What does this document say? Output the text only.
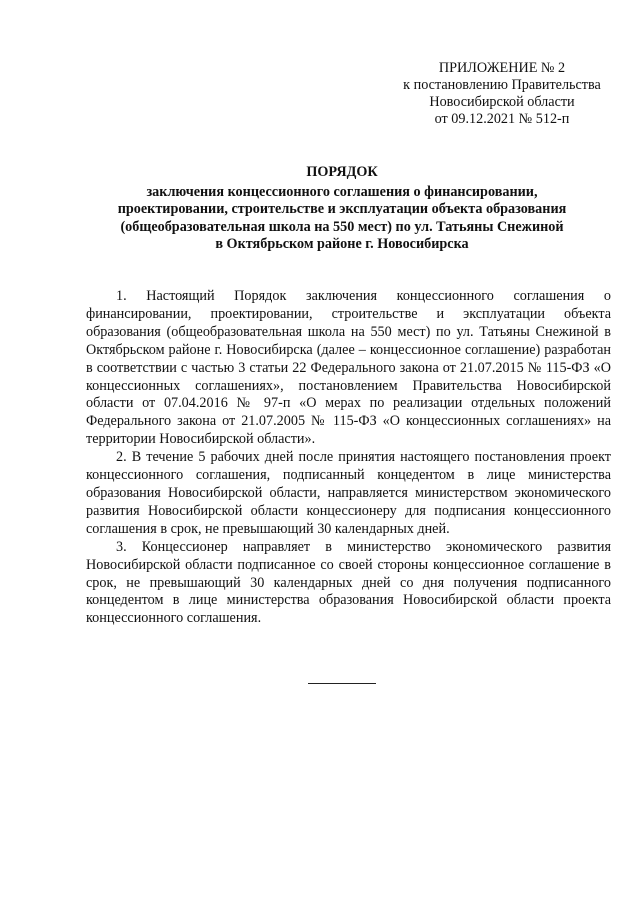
ПРИЛОЖЕНИЕ № 2
к постановлению Правительства
Новосибирской области
от 09.12.2021 № 512-п
ПОРЯДОК
заключения концессионного соглашения о финансировании,
проектировании, строительстве и эксплуатации объекта образования
(общеобразовательная школа на 550 мест) по ул. Татьяны Снежиной
в Октябрьском районе г. Новосибирска

1. Настоящий Порядок заключения концессионного соглашения о финансировании, проектировании, строительстве и эксплуатации объекта образования (общеобразовательная школа на 550 мест) по ул. Татьяны Снежиной в Октябрьском районе г. Новосибирска (далее – концессионное соглашение) разработан в соответствии с частью 3 статьи 22 Федерального закона от 21.07.2015 № 115-ФЗ «О концессионных соглашениях», постановлением Правительства Новосибирской области от 07.04.2016 № 97-п «О мерах по реализации отдельных положений Федерального закона от 21.07.2005 № 115-ФЗ «О концессионных соглашениях» на территории Новосибирской области».

2. В течение 5 рабочих дней после принятия настоящего постановления проект концессионного соглашения, подписанный концедентом в лице министерства образования Новосибирской области, направляется министерством экономического развития Новосибирской области концессионеру для подписания концессионного соглашения в срок, не превышающий 30 календарных дней.

3. Концессионер направляет в министерство экономического развития Новосибирской области подписанное со своей стороны концессионное соглашение в срок, не превышающий 30 календарных дней со дня получения подписанного концедентом в лице министерства образования Новосибирской области проекта концессионного соглашения.
